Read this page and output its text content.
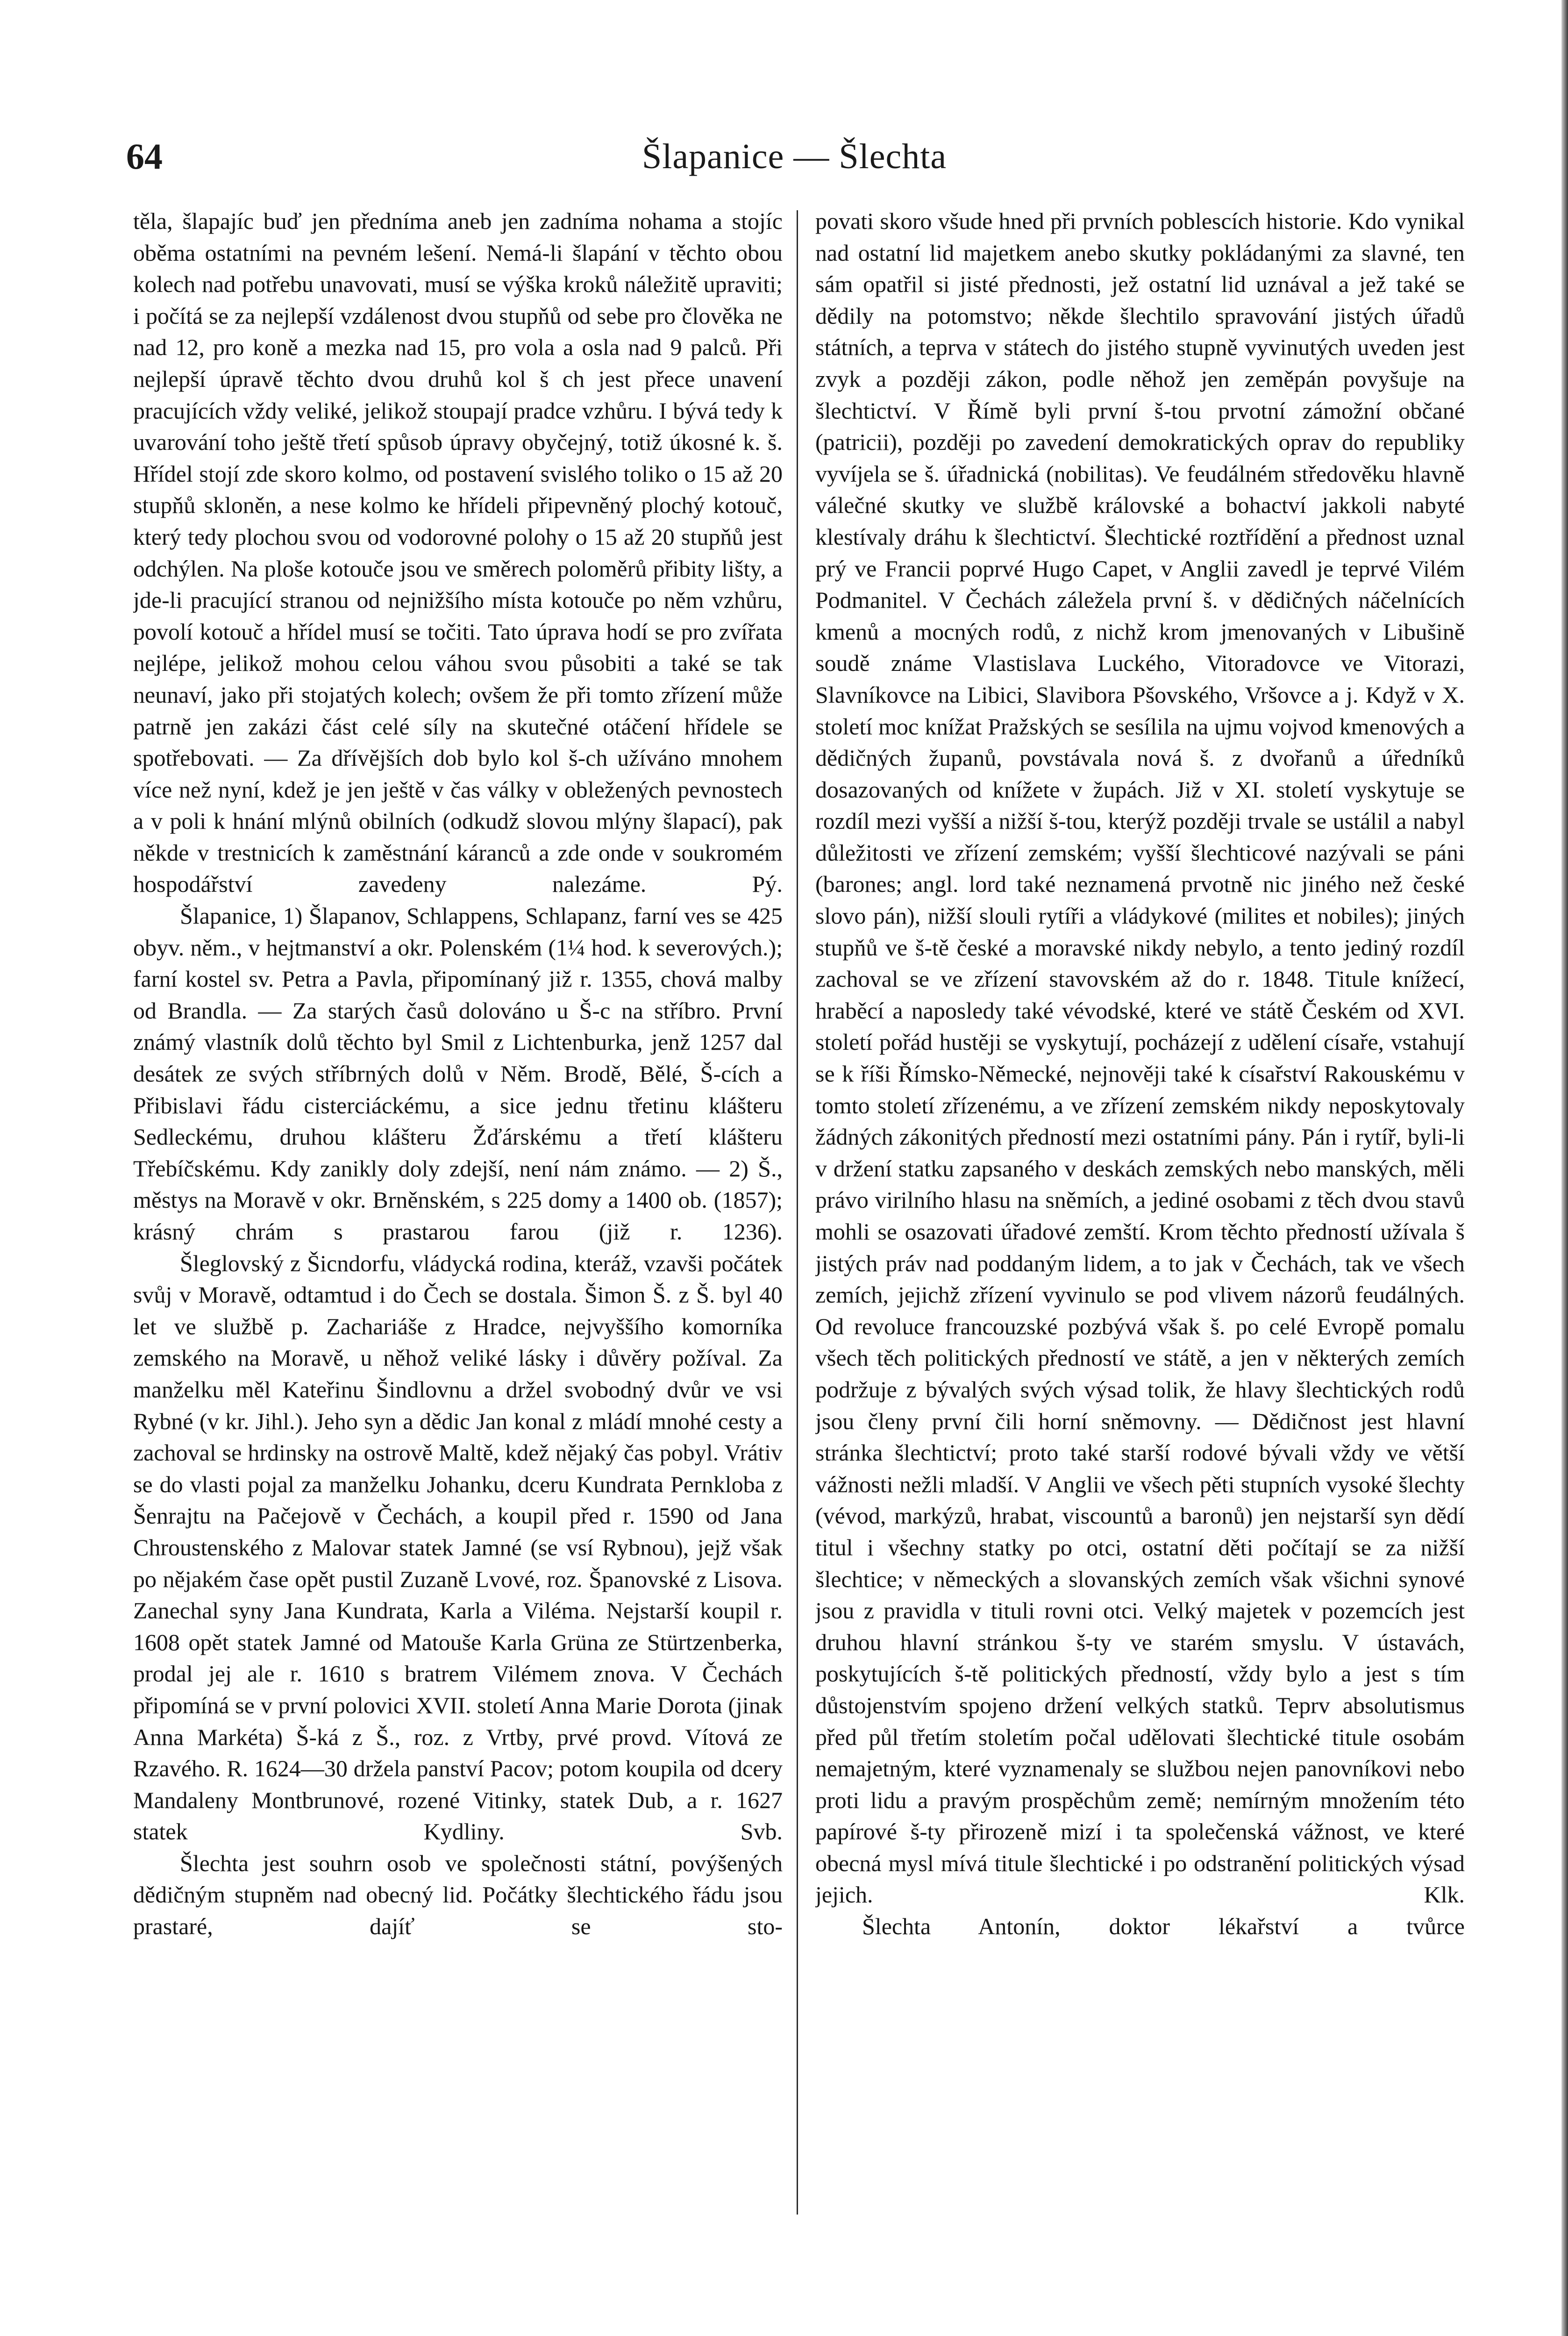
64	Šlapanice — Šlechta

těla, šlapajíc buď jen předníma aneb jen zadníma nohama a stojíc oběma ostatními na pevném lešení. Nemá-li šlapání v těchto obou kolech nad potřebu unavovati, musí se výška kroků náležitě upraviti; i počítá se za nejlepší vzdálenost dvou stupňů od sebe pro člověka ne nad 12, pro koně a mezka nad 15, pro vola a osla nad 9 palců. Při nejlepší úpravě těchto dvou druhů kol š ch jest přece unavení pracujících vždy veliké, jelikož stoupají pradce vzhůru. I bývá tedy k uvarování toho ještě třetí spůsob úpravy obyčejný, totiž úkosné k. š. Hřídel stojí zde skoro kolmo, od postavení svislého toliko o 15 až 20 stupňů skloněn, a nese kolmo ke hřídeli připevněný plochý kotouč, který tedy plochou svou od vodorovné polohy o 15 až 20 stupňů jest odchýlen. Na ploše kotouče jsou ve směrech poloměrů přibity lišty, a jde-li pracující stranou od nejnižšího místa kotouče po něm vzhůru, povolí kotouč a hřídel musí se točiti. Tato úprava hodí se pro zvířata nejlépe, jelikož mohou celou váhou svou působiti a také se tak neunaví, jako při stojatých kolech; ovšem že při tomto zřízení může patrně jen zakázi část celé síly na skutečné otáčení hřídele se spotřebovati. — Za dřívějších dob bylo kol š-ch užíváno mnohem více než nyní, kdež je jen ještě v čas války v obležených pevnostech a v poli k hnání mlýnů obilních (odkudž slovou mlýny šlapací), pak někde v trestnicích k zaměstnání káranců a zde onde v soukromém hospodářství zavedeny nalezáme. Pý.

Šlapanice, 1) Šlapanov, Schlappens, Schlapanz, farní ves se 425 obyv. něm., v hejtmanství a okr. Polenském (1¼ hod. k severových.); farní kostel sv. Petra a Pavla, připomínaný již r. 1355, chová malby od Brandla. — Za starých časů dolováno u Š-c na stříbro. První známý vlastník dolů těchto byl Smil z Lichtenburka, jenž 1257 dal desátek ze svých stříbrných dolů v Něm. Brodě, Bělé, Š-cích a Přibislavi řádu cisterciáckému, a sice jednu třetinu klášteru Sedleckému, druhou klášteru Žďárskému a třetí klášteru Třebíčskému. Kdy zanikly doly zdejší, není nám známo. — 2) Š., městys na Moravě v okr. Brněnském, s 225 domy a 1400 ob. (1857); krásný chrám s prastarou farou (již r. 1236).

Šleglovský z Šicndorfu, vládycká rodina, kteráž, vzavši počátek svůj v Moravě, odtamtud i do Čech se dostala. Šimon Š. z Š. byl 40 let ve službě p. Zachariáše z Hradce, nejvyššího komorníka zemského na Moravě, u něhož veliké lásky i důvěry požíval. Za manželku měl Kateřinu Šindlovnu a držel svobodný dvůr ve vsi Rybné (v kr. Jihl.). Jeho syn a dědic Jan konal z mládí mnohé cesty a zachoval se hrdinsky na ostrově Maltě, kdež nějaký čas pobyl. Vrátiv se do vlasti pojal za manželku Johanku, dceru Kundrata Pernkloba z Šenrajtu na Pačejově v Čechách, a koupil před r. 1590 od Jana Chroustenského z Malovar statek Jamné (se vsí Rybnou), jejž však po nějakém čase opět pustil Zuzaně Lvové, roz. Španovské z Lisova. Zanechal syny Jana Kundrata, Karla a Viléma. Nejstarší koupil r. 1608 opět statek Jamné od Matouše Karla Grüna ze Stürtzenberka, prodal jej ale r. 1610 s bratrem Vilémem znova. V Čechách připomíná se v první polovici XVII. století Anna Marie Dorota (jinak Anna Markéta) Š-ká z Š., roz. z Vrtby, prvé provd. Vítová ze Rzavého. R. 1624—30 držela panství Pacov; potom koupila od dcery Mandaleny Montbrunové, rozené Vitinky, statek Dub, a r. 1627 statek Kydliny. Svb.

Šlechta jest souhrn osob ve společnosti státní, povýšených dědičným stupněm nad obecný lid. Počátky šlechtického řádu jsou prastaré, dajíť se sto-

povati skoro všude hned při prvních poblescích historie. Kdo vynikal nad ostatní lid majetkem anebo skutky pokládanými za slavné, ten sám opatřil si jisté přednosti, jež ostatní lid uznával a jež také se dědily na potomstvo; někde šlechtilo spravování jistých úřadů státních, a teprva v státech do jistého stupně vyvinutých uveden jest zvyk a později zákon, podle něhož jen zeměpán povyšuje na šlechtictví. V Římě byli první š-tou prvotní zámožní občané (patricii), později po zavedení demokratických oprav do republiky vyvíjela se š. úřadnická (nobilitas). Ve feudálném středověku hlavně válečné skutky ve službě královské a bohactví jakkoli nabyté klestívaly dráhu k šlechtictví. Šlechtické roztřídění a přednost uznal prý ve Francii poprvé Hugo Capet, v Anglii zavedl je teprvé Vilém Podmanitel. V Čechách záležela první š. v dědičných náčelnících kmenů a mocných rodů, z nichž krom jmenovaných v Libušině soudě známe Vlastislava Luckého, Vitoradovce ve Vitorazi, Slavníkovce na Libici, Slavibora Pšovského, Vršovce a j. Když v X. století moc knížat Pražských se sesílila na ujmu vojvod kmenových a dědičných županů, povstávala nová š. z dvořanů a úředníků dosazovaných od knížete v župách. Již v XI. století vyskytuje se rozdíl mezi vyšší a nižší š-tou, kterýž později trvale se ustálil a nabyl důležitosti ve zřízení zemském; vyšší šlechticové nazývali se páni (barones; angl. lord také neznamená prvotně nic jiného než české slovo pán), nižší slouli rytíři a vládykové (milites et nobiles); jiných stupňů ve š-tě české a moravské nikdy nebylo, a tento jediný rozdíl zachoval se ve zřízení stavovském až do r. 1848. Titule knížecí, hraběcí a naposledy také vévodské, které ve státě Českém od XVI. století pořád hustěji se vyskytují, pocházejí z udělení císaře, vstahují se k říši Římsko-Německé, nejnověji také k císařství Rakouskému v tomto století zřízenému, a ve zřízení zemském nikdy neposkytovaly žádných zákonitých předností mezi ostatními pány. Pán i rytíř, byli-li v držení statku zapsaného v deskách zemských nebo manských, měli právo virilního hlasu na sněmích, a jediné osobami z těch dvou stavů mohli se osazovati úřadové zemští. Krom těchto předností užívala š jistých práv nad poddaným lidem, a to jak v Čechách, tak ve všech zemích, jejichž zřízení vyvinulo se pod vlivem názorů feudálných. Od revoluce francouzské pozbývá však š. po celé Evropě pomalu všech těch politických předností ve státě, a jen v některých zemích podržuje z bývalých svých výsad tolik, že hlavy šlechtických rodů jsou členy první čili horní sněmovny. — Dědičnost jest hlavní stránka šlechtictví; proto také starší rodové bývali vždy ve větší vážnosti nežli mladší. V Anglii ve všech pěti stupních vysoké šlechty (vévod, markýzů, hrabat, viscountů a baronů) jen nejstarší syn dědí titul i všechny statky po otci, ostatní děti počítají se za nižší šlechtice; v německých a slovanských zemích však všichni synové jsou z pravidla v tituli rovni otci. Velký majetek v pozemcích jest druhou hlavní stránkou š-ty ve starém smyslu. V ústavách, poskytujících š-tě politických předností, vždy bylo a jest s tím důstojenstvím spojeno držení velkých statků. Teprv absolutismus před půl třetím stoletím počal udělovati šlechtické titule osobám nemajetným, které vyznamenaly se službou nejen panovníkovi nebo proti lidu a pravým prospěchům země; nemírným množením této papírové š-ty přirozeně mizí i ta společenská vážnost, ve které obecná mysl mívá titule šlechtické i po odstranění politických výsad jejich. Klk.

Šlechta Antonín, doktor lékařství a tvůrce
